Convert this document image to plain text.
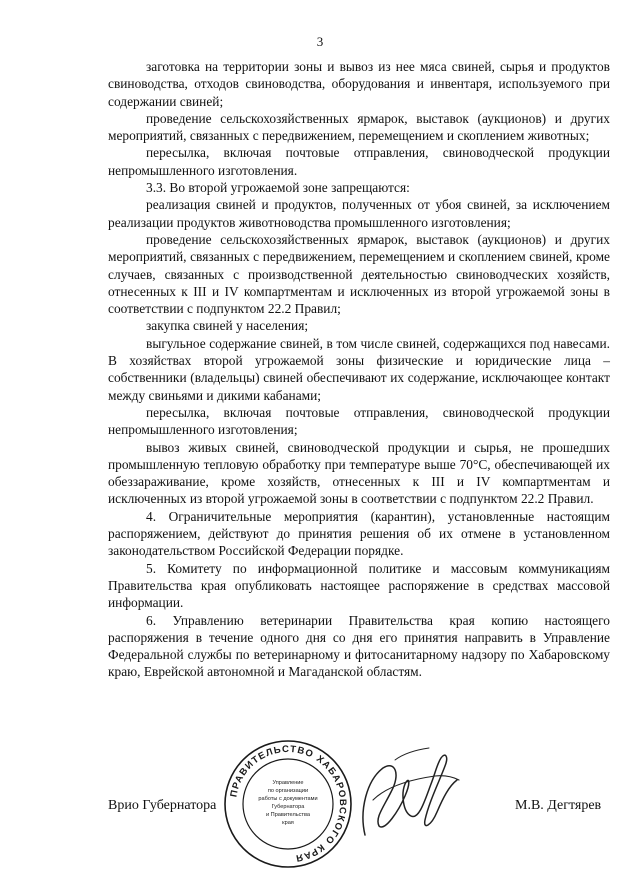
3

заготовка на территории зоны и вывоз из нее мяса свиней, сырья и продуктов свиноводства, отходов свиноводства, оборудования и инвентаря, используемого при содержании свиней;

проведение сельскохозяйственных ярмарок, выставок (аукционов) и других мероприятий, связанных с передвижением, перемещением и скоплением животных;

пересылка, включая почтовые отправления, свиноводческой продукции непромышленного изготовления.

3.3. Во второй угрожаемой зоне запрещаются:

реализация свиней и продуктов, полученных от убоя свиней, за исключением реализации продуктов животноводства промышленного изготовления;

проведение сельскохозяйственных ярмарок, выставок (аукционов) и других мероприятий, связанных с передвижением, перемещением и скоплением свиней, кроме случаев, связанных с производственной деятельностью свиноводческих хозяйств, отнесенных к III и IV компартментам и исключенных из второй угрожаемой зоны в соответствии с подпунктом 22.2 Правил;

закупка свиней у населения;

выгульное содержание свиней, в том числе свиней, содержащихся под навесами. В хозяйствах второй угрожаемой зоны физические и юридические лица – собственники (владельцы) свиней обеспечивают их содержание, исключающее контакт между свиньями и дикими кабанами;

пересылка, включая почтовые отправления, свиноводческой продукции непромышленного изготовления;

вывоз живых свиней, свиноводческой продукции и сырья, не прошедших промышленную тепловую обработку при температуре выше 70°С, обеспечивающей их обеззараживание, кроме хозяйств, отнесенных к III и IV компартментам и исключенных из второй угрожаемой зоны в соответствии с подпунктом 22.2 Правил.

4. Ограничительные мероприятия (карантин), установленные настоящим распоряжением, действуют до принятия решения об их отмене в установленном законодательством Российской Федерации порядке.

5. Комитету по информационной политике и массовым коммуникациям Правительства края опубликовать настоящее распоряжение в средствах массовой информации.

6. Управлению ветеринарии Правительства края копию настоящего распоряжения в течение одного дня со дня его принятия направить в Управление Федеральной службы по ветеринарному и фитосанитарному надзору по Хабаровскому краю, Еврейской автономной и Магаданской областям.

Врио Губернатора
ПРАВИТЕЛЬСТВО ХАБАРОВСКОГО КРАЯ
Управление
по организации
работы с документами
Губернатора
и Правительства
края
М.В. Дегтярев
